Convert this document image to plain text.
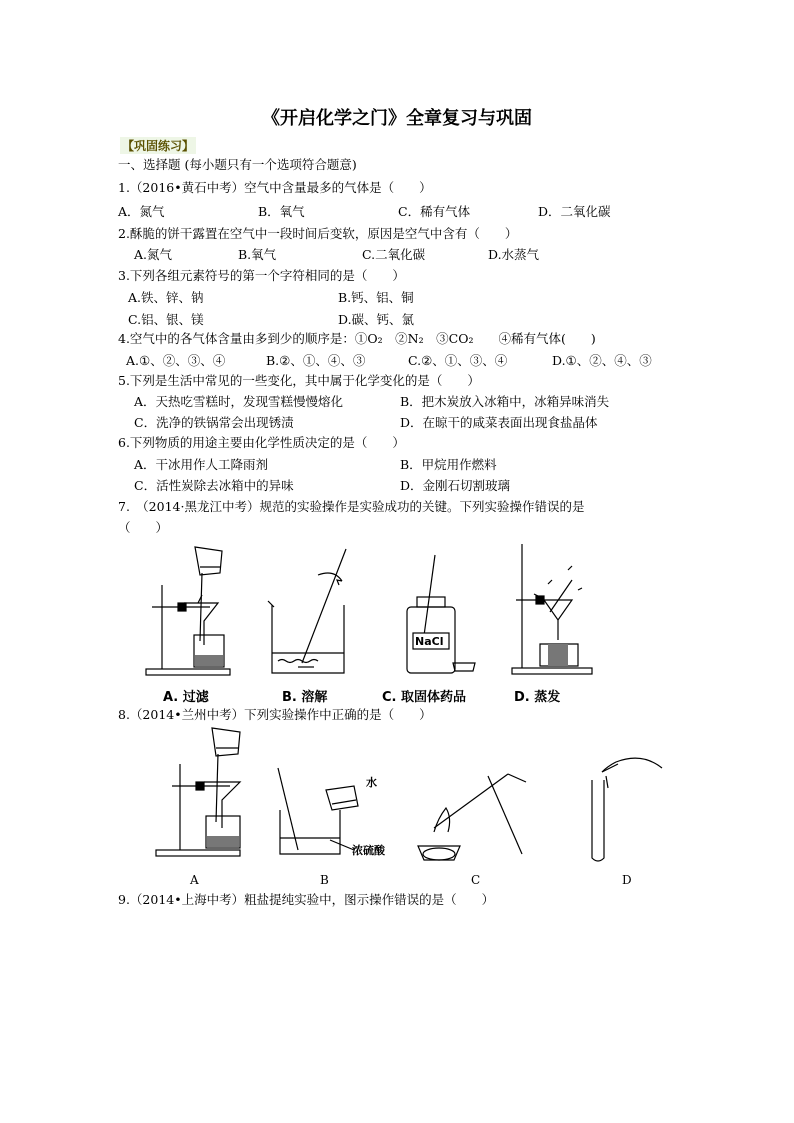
《开启化学之门》全章复习与巩固
【巩固练习】
一、选择题 (每小题只有一个选项符合题意)
1.（2016•黄石中考）空气中含量最多的气体是（　　）
A．氮气	B．氧气	C．稀有气体	D．二氧化碳
2.酥脆的饼干露置在空气中一段时间后变软，原因是空气中含有（　　）
A.氮气	B.氧气	C.二氧化碳	D.水蒸气
3.下列各组元素符号的第一个字符相同的是（　　）
A.铁、锌、钠	B.钙、铝、铜
C.铝、银、镁	D.碳、钙、氯
4.空气中的各气体含量由多到少的顺序是：①O₂　②N₂　③CO₂　　④稀有气体(　　)
A.①、②、③、④	B.②、①、④、③	C.②、①、③、④	D.①、②、④、③
5.下列是生活中常见的一些变化，其中属于化学变化的是（　　）
A．天热吃雪糕时，发现雪糕慢慢熔化	B．把木炭放入冰箱中，冰箱异味消失
C．洗净的铁锅常会出现锈渍	D．在晾干的咸菜表面出现食盐晶体
6.下列物质的用途主要由化学性质决定的是（　　）
A．干冰用作人工降雨剂	B．甲烷用作燃料
C．活性炭除去冰箱中的异味	D．金刚石切割玻璃
7.　（2014·黑龙江中考）规范的实验操作是实验成功的关键。下列实验操作错误的是
（　　）
NaCl
A. 过滤	B. 溶解	C. 取固体药品	D. 蒸发
8.（2014•兰州中考）下列实验操作中正确的是（　　）
水
浓硫酸
A	B	C	D
9.（2014•上海中考）粗盐提纯实验中，图示操作错误的是（　　）
